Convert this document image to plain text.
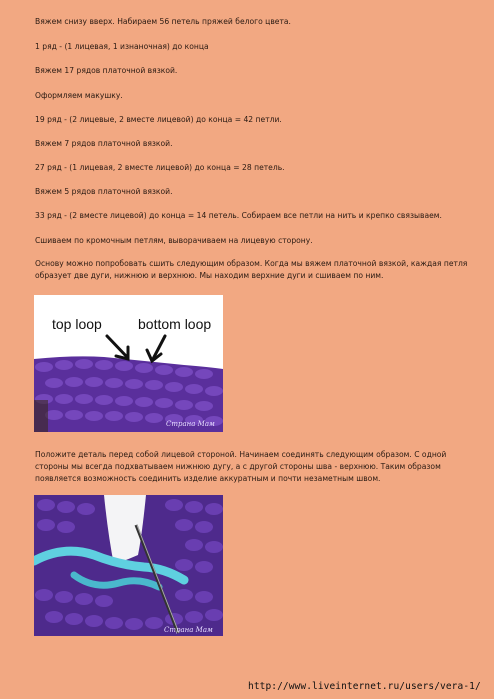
Вяжем снизу вверх. Набираем 56 петель пряжей белого цвета.

1 ряд - (1 лицевая, 1 изнаночная) до конца

Вяжем 17 рядов платочной вязкой.

Оформляем макушку.

19 ряд - (2 лицевые, 2 вместе лицевой) до конца = 42 петли.

Вяжем 7 рядов платочной вязкой.

27 ряд - (1 лицевая, 2 вместе лицевой) до конца = 28 петель.

Вяжем 5 рядов платочной вязкой.

33 ряд - (2 вместе лицевой) до конца = 14 петель. Собираем все петли на нить и крепко связываем.

Сшиваем по кромочным петлям, выворачиваем на лицевую сторону.

Основу можно попробовать сшить следующим образом. Когда мы вяжем платочной вязкой, каждая петля образует две дуги, нижнюю и верхнюю. Мы находим верхние дуги и сшиваем по ним.

top loop	bottom loop
Страна Мам

Положите деталь перед собой лицевой стороной. Начинаем соединять следующим образом. С одной стороны мы всегда подхватываем нижнюю дугу, а с другой стороны шва - верхнюю. Таким образом появляется возможность соединить изделие аккуратным и почти незаметным швом.

Страна Мам
http://www.liveinternet.ru/users/vera-1/
